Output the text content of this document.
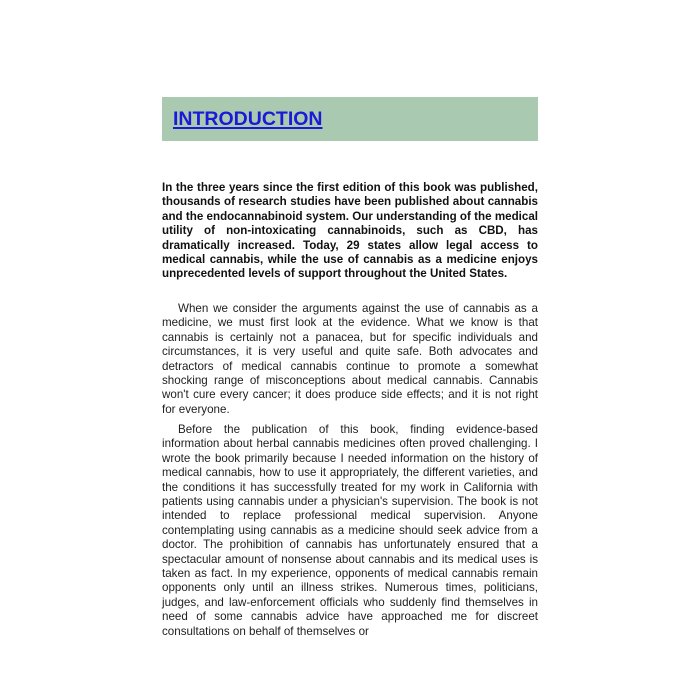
INTRODUCTION

In the three years since the first edition of this book was published, thousands of research studies have been published about cannabis and the endocannabinoid system. Our understanding of the medical utility of non-intoxicating cannabinoids, such as CBD, has dramatically increased. Today, 29 states allow legal access to medical cannabis, while the use of cannabis as a medicine enjoys unprecedented levels of support throughout the United States.

When we consider the arguments against the use of cannabis as a medicine, we must first look at the evidence. What we know is that cannabis is certainly not a panacea, but for specific individuals and circumstances, it is very useful and quite safe. Both advocates and detractors of medical cannabis continue to promote a somewhat shocking range of misconceptions about medical cannabis. Cannabis won't cure every cancer; it does produce side effects; and it is not right for everyone.

Before the publication of this book, finding evidence-based information about herbal cannabis medicines often proved challenging. I wrote the book primarily because I needed information on the history of medical cannabis, how to use it appropriately, the different varieties, and the conditions it has successfully treated for my work in California with patients using cannabis under a physician's supervision. The book is not intended to replace professional medical supervision. Anyone contemplating using cannabis as a medicine should seek advice from a doctor. The prohibition of cannabis has unfortunately ensured that a spectacular amount of nonsense about cannabis and its medical uses is taken as fact. In my experience, opponents of medical cannabis remain opponents only until an illness strikes. Numerous times, politicians, judges, and law-enforcement officials who suddenly find themselves in need of some cannabis advice have approached me for discreet consultations on behalf of themselves or
